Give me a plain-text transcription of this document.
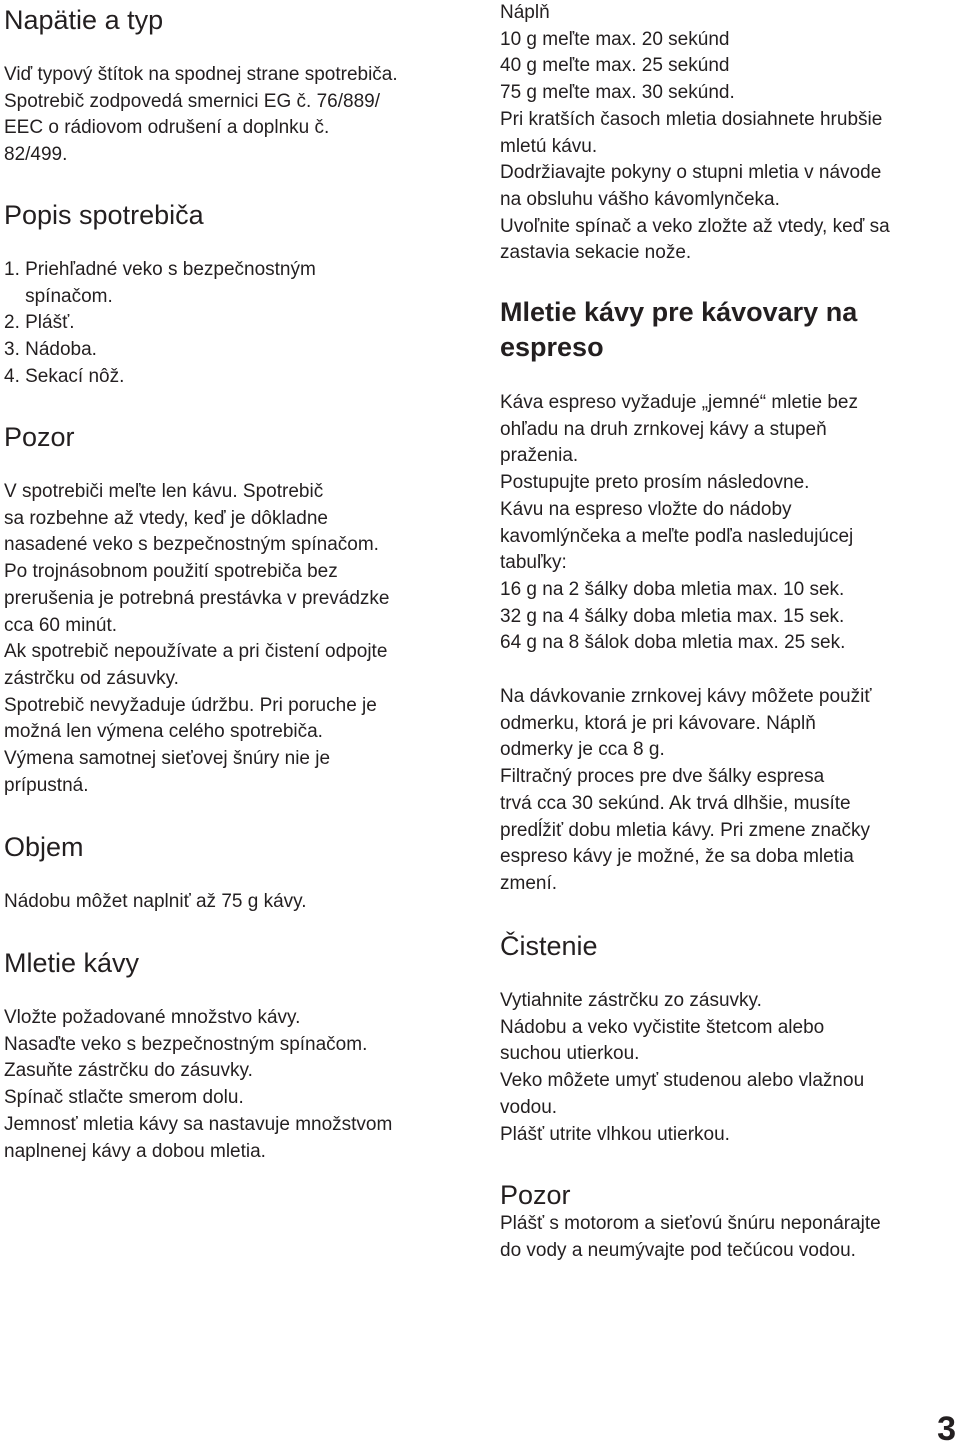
Napätie a typ
Viď typový štítok na spodnej strane spotrebiča.
Spotrebič zodpovedá smernici EG č. 76/889/
EEC o rádiovom odrušení a doplnku č.
82/499.
Popis spotrebiča
1. Priehľadné veko s bezpečnostným
spínačom.
2. Plášť.
3. Nádoba.
4. Sekací nôž.
Pozor
V spotrebiči meľte len kávu. Spotrebič
sa rozbehne až vtedy, keď je dôkladne
nasadené veko s bezpečnostným spínačom.
Po trojnásobnom použití spotrebiča bez
prerušenia je potrebná prestávka v prevádzke
cca 60 minút.
Ak spotrebič nepoužívate a pri čistení odpojte
zástrčku od zásuvky.
Spotrebič nevyžaduje údržbu. Pri poruche je
možná len výmena celého spotrebiča.
Výmena samotnej sieťovej šnúry nie je
prípustná.
Objem
Nádobu môžet naplniť až 75 g kávy.
Mletie kávy
Vložte požadované množstvo kávy.
Nasaďte veko s bezpečnostným spínačom.
Zasuňte zástrčku do zásuvky.
Spínač stlačte smerom dolu.
Jemnosť mletia kávy sa nastavuje množstvom
naplnenej kávy a dobou mletia.
Náplň
10 g meľte max. 20 sekúnd
40 g meľte max. 25 sekúnd
75 g meľte max. 30 sekúnd.
Pri kratších časoch mletia dosiahnete hrubšie
mletú kávu.
Dodržiavajte pokyny o stupni mletia v návode
na obsluhu vášho kávomlynčeka.
Uvoľnite spínač a veko zložte až vtedy, keď sa
zastavia sekacie nože.
Mletie kávy pre kávovary na
espreso
Káva espreso vyžaduje „jemné“ mletie bez
ohľadu na druh zrnkovej kávy a stupeň
praženia.
Postupujte preto prosím následovne.
Kávu na espreso vložte do nádoby
kavomlýnčeka a meľte podľa nasledujúcej
tabuľky:
16 g na 2 šálky doba mletia max. 10 sek.
32 g na 4 šálky doba mletia max. 15 sek.
64 g na 8 šálok doba mletia max. 25 sek.
Na dávkovanie zrnkovej kávy môžete použiť
odmerku, ktorá je pri kávovare. Náplň
odmerky je cca 8 g.
Filtračný proces pre dve šálky espresa
trvá cca 30 sekúnd. Ak trvá dlhšie, musíte
predĺžiť dobu mletia kávy. Pri zmene značky
espreso kávy je možné, že sa doba mletia
zmení.
Čistenie
Vytiahnite zástrčku zo zásuvky.
Nádobu a veko vyčistite štetcom alebo
suchou utierkou.
Veko môžete umyť studenou alebo vlažnou
vodou.
Plášť utrite vlhkou utierkou.
Pozor
Plášť s motorom a sieťovú šnúru neponárajte
do vody a neumývajte pod tečúcou vodou.
3
